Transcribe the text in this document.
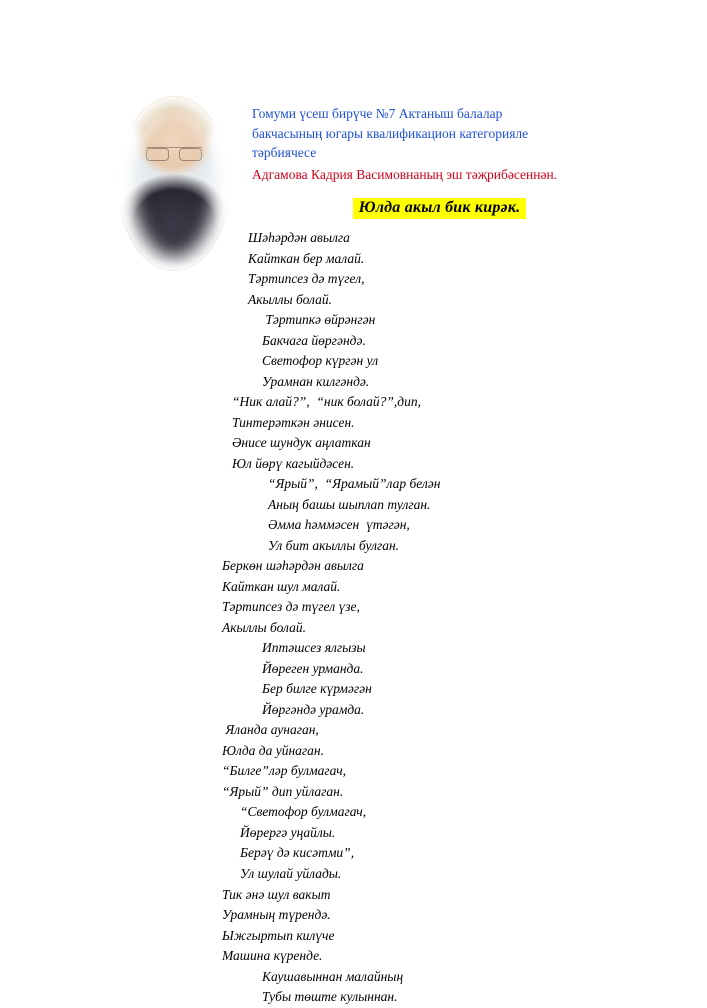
Гомуми үсеш бирүче №7 Актаныш балалар
бакчасының югары квалификацион категорияле
тәрбиячесе

Адгамова Кадрия Васимовнаның эш тәҗрибәсеннән.

Юлда акыл бик кирәк.
Шәһәрдән авылга
Кайткан бер малай.
Тәртипсез дә түгел,
Акыллы болай.
Тәртипкә өйрәнгән
Бакчага йөргәндә.
Светофор күргән ул
Урамнан килгәндә.
“Ник алай?”,  “ник болай?”,дип,
Тинтерәткән әнисен.
Әнисе шундук аңлаткан
Юл йөрү кагыйдәсен.
“Ярый”,  “Ярамый”лар белән
Аның башы шыплап тулган.
Әмма һәммәсен  үтәгән,
Ул бит акыллы булган.
Беркөн шәһәрдән авылга
Кайткан шул малай.
Тәртипсез дә түгел үзе,
Акыллы болай.
Иптәшсез ялгызы
Йөреген урманда.
Бер билге күрмәгән
Йөргәндә урамда.
Яланда аунаган,
Юлда да уйнаган.
“Билге”ләр булмагач,
“Ярый” дип уйлаган.
“Светофор булмагач,
Йөрергә уңайлы.
Берәү дә кисәтми”,
Ул шулай уйлады.
Тик әнә шул вакыт
Урамның түрендә.
Ыжгыртып килүче
Машина күренде.
Каушавыннан малайның
Тубы төште кулыннан.
